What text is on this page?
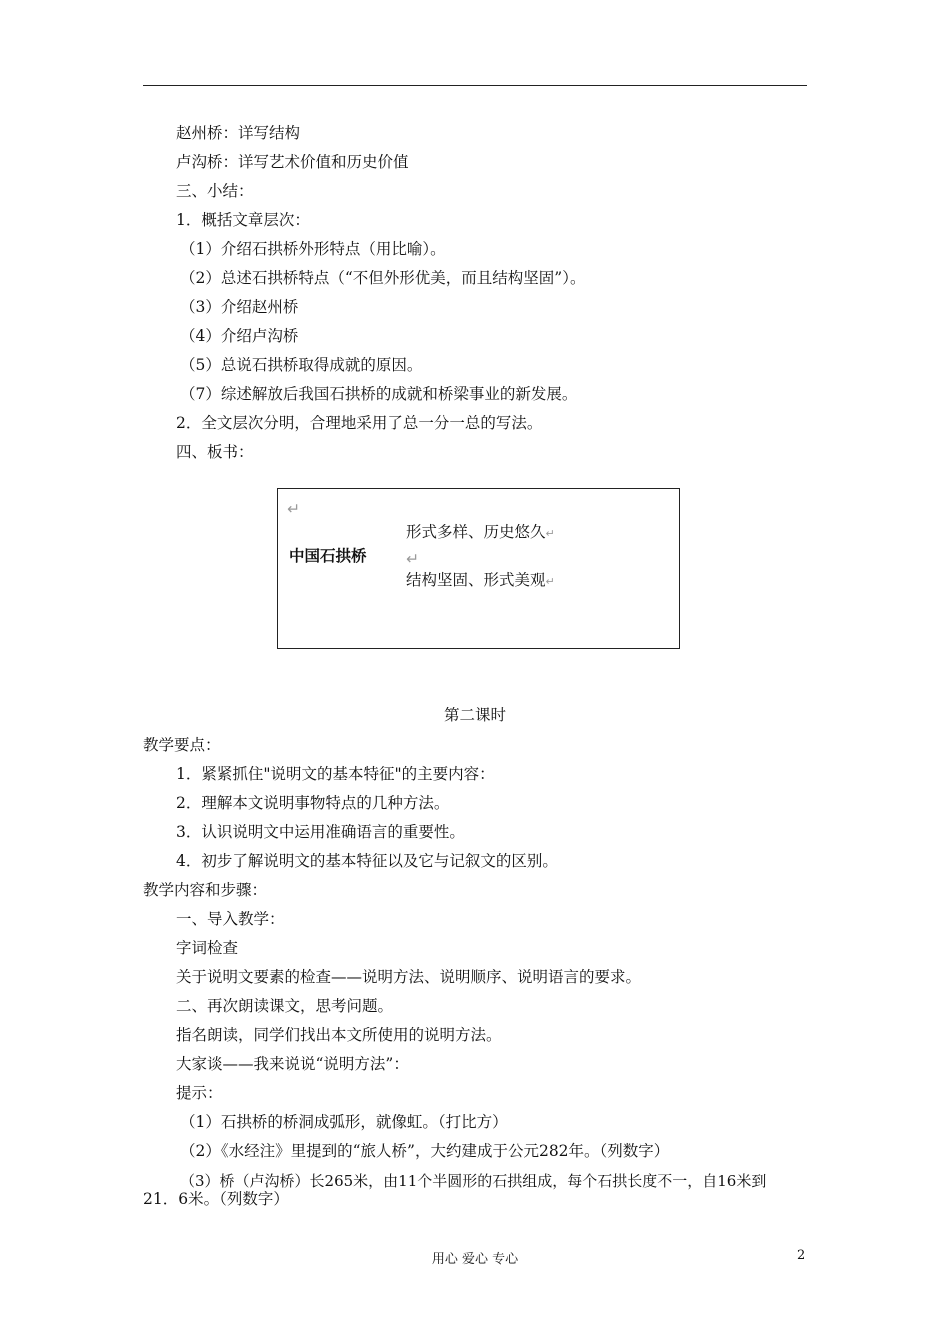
赵州桥：详写结构
卢沟桥：详写艺术价值和历史价值
三、小结：
1．概括文章层次：
（1）介绍石拱桥外形特点（用比喻）。
（2）总述石拱桥特点（“不但外形优美，而且结构坚固”）。
（3）介绍赵州桥
（4）介绍卢沟桥
（5）总说石拱桥取得成就的原因。
（7）综述解放后我国石拱桥的成就和桥梁事业的新发展。
2．全文层次分明，合理地采用了总一分一总的写法。
四、板书：
↵
中国石拱桥
形式多样、历史悠久↵
↵
结构坚固、形式美观↵
第二课时
教学要点：
1．紧紧抓住"说明文的基本特征"的主要内容：
2．理解本文说明事物特点的几种方法。
3．认识说明文中运用准确语言的重要性。
4．初步了解说明文的基本特征以及它与记叙文的区别。
教学内容和步骤：
一、导入教学：
字词检查
关于说明文要素的检查——说明方法、说明顺序、说明语言的要求。
二、再次朗读课文，思考问题。
指名朗读，同学们找出本文所使用的说明方法。
大家谈——我来说说“说明方法”：
提示：
（1）石拱桥的桥洞成弧形，就像虹。（打比方）
（2）《水经注》里提到的“旅人桥”，大约建成于公元282年。（列数字）
（3）桥（卢沟桥）长265米，由11个半圆形的石拱组成，每个石拱长度不一，自16米到
21．6米。（列数字）
用心 爱心 专心	2
